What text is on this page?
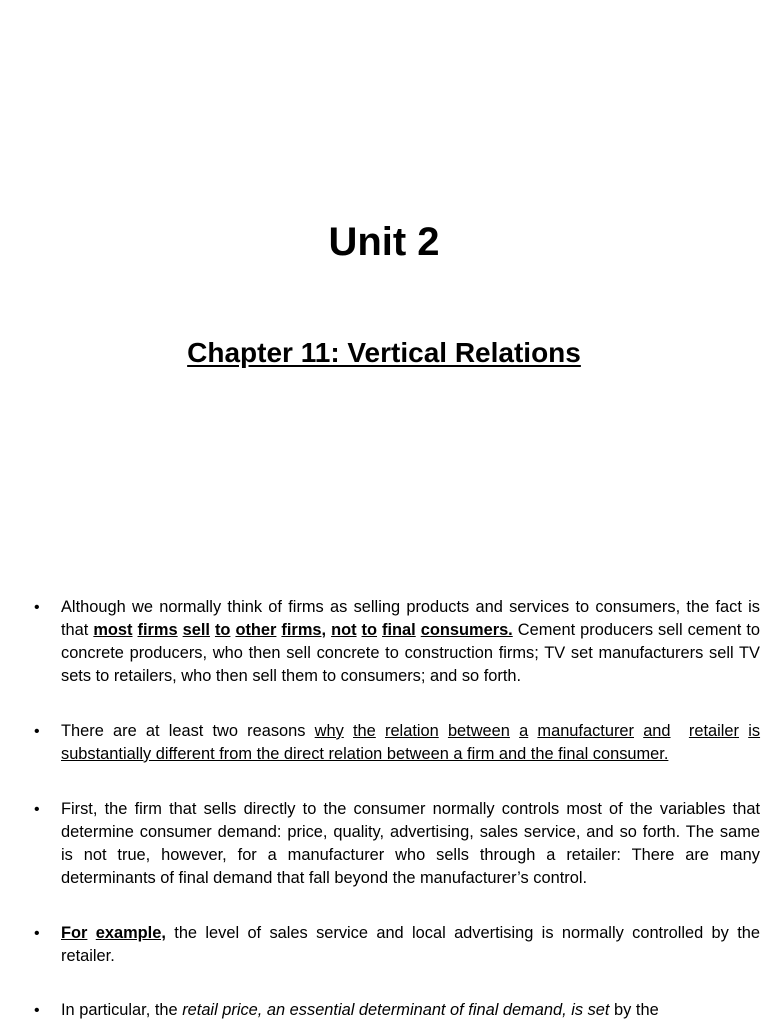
Unit 2
Chapter 11: Vertical Relations
• Although we normally think of firms as selling products and services to consumers, the fact is that most firms sell to other firms, not to final consumers. Cement producers sell cement to concrete producers, who then sell concrete to construction firms; TV set manufacturers sell TV sets to retailers, who then sell them to consumers; and so forth.
• There are at least two reasons why the relation between a manufacturer and retailer is substantially different from the direct relation between a firm and the final consumer.
• First, the firm that sells directly to the consumer normally controls most of the variables that determine consumer demand: price, quality, advertising, sales service, and so forth. The same is not true, however, for a manufacturer who sells through a retailer: There are many determinants of final demand that fall beyond the manufacturer’s control.
• For example, the level of sales service and local advertising is normally controlled by the retailer.
• In particular, the retail price, an essential determinant of final demand, is set by the
